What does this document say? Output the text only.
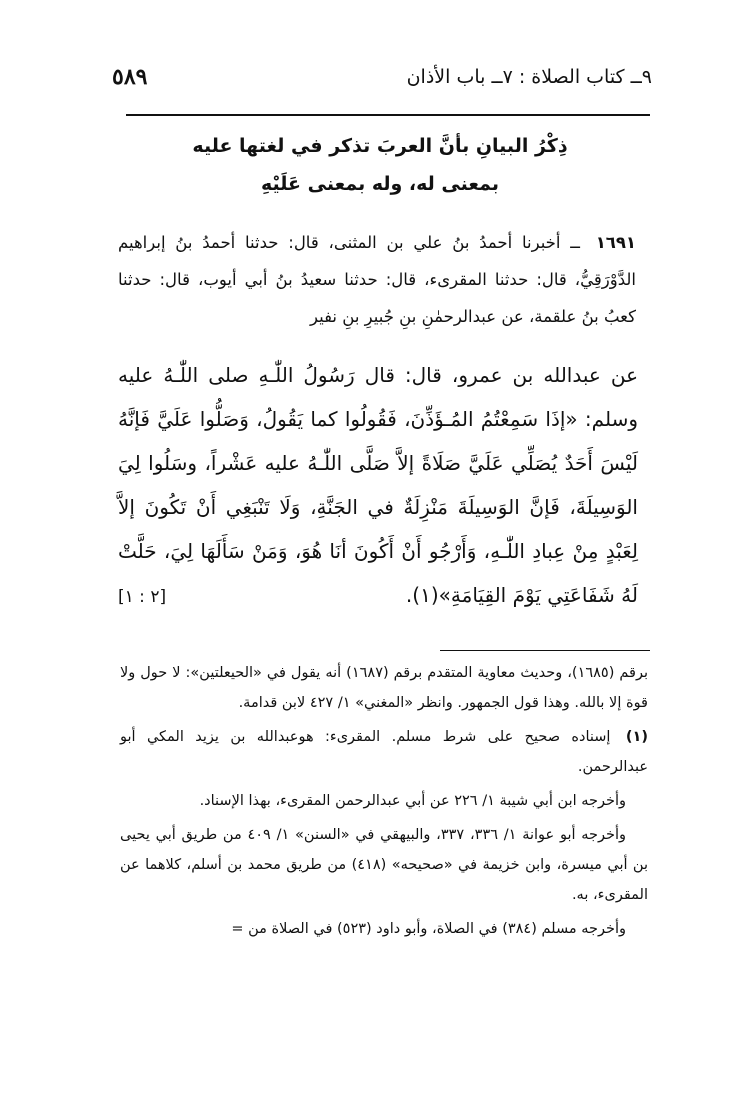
٩ــ كتاب الصلاة : ٧ــ باب الأذان
٥٨٩
ذِكْرُ البيانِ بأنَّ العربَ تذكر في لغتها عليه
بمعنى له، وله بمعنى عَلَيْهِ
١٦٩١ ــ أخبرنا أحمدُ بنُ علي بن المثنى، قال: حدثنا أحمدُ بنُ إبراهيم الدَّوْرَقِيُّ، قال: حدثنا المقرىء، قال: حدثنا سعيدُ بنُ أبي أيوب، قال: حدثنا كعبُ بنُ علقمة، عن عبدالرحمٰنِ بنِ جُبيرِ بنِ نفير
عن عبدالله بن عمرو، قال: قال رَسُولُ اللّٰـهِ صلى اللّٰـهُ عليه وسلم: «إذَا سَمِعْتُمُ المُـؤَذِّنَ، فَقُولُوا كما يَقُولُ، وَصَلُّوا عَلَيَّ فَإنَّهُ لَيْسَ أَحَدٌ يُصَلِّي عَلَيَّ صَلَاةً إلاَّ صَلَّى اللّٰـهُ عليه عَشْراً، وسَلُوا لِيَ الوَسِيلَةَ، فَإنَّ الوَسِيلَةَ مَنْزِلَةٌ في الجَنَّةِ، وَلَا تَنْبَغِي أَنْ تَكُونَ إلاَّ لِعَبْدٍ مِنْ عِبادِ اللّٰـهِ، وَأَرْجُو أَنْ أَكُونَ أنَا هُوَ، وَمَنْ سَأَلَهَا لِيَ، حَلَّتْ لَهُ شَفَاعَتِي يَوْمَ القِيَامَةِ»(١).
[٢ : ١]
برقم (١٦٨٥)، وحديث معاوية المتقدم برقم (١٦٨٧) أنه يقول في «الحيعلتين»: لا حول ولا قوة إلا بالله. وهذا قول الجمهور. وانظر «المغني» ١/ ٤٢٧ لابن قدامة.
(١) إسناده صحيح على شرط مسلم. المقرىء: هوعبدالله بن يزيد المكي أبو عبدالرحمن.
وأخرجه ابن أبي شيبة ١/ ٢٢٦ عن أبي عبدالرحمن المقرىء، بهذا الإسناد.
وأخرجه أبو عوانة ١/ ٣٣٦، ٣٣٧، والبيهقي في «السنن» ١/ ٤٠٩ من طريق أبي يحيى بن أبي ميسرة، وابن خزيمة في «صحيحه» (٤١٨) من طريق محمد بن أسلم، كلاهما عن المقرىء، به.
وأخرجه مسلم (٣٨٤) في الصلاة، وأبو داود (٥٢٣) في الصلاة من =
